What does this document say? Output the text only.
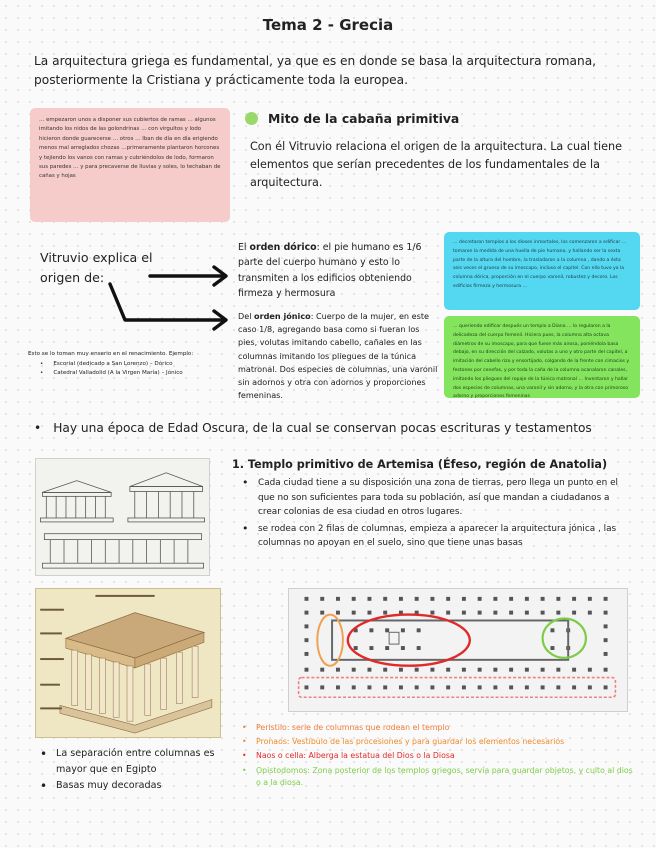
Tema 2 - Grecia

La arquitectura griega es fundamental, ya que es en donde se basa la arquitectura romana, posteriormente la Cristiana y prácticamente toda la europea.

… empezaron unos a disponer sus cubiertos de ramas … algunos imitando los nidos de las golondrinas … con virgultos y lodo hicieron donde guarecerse … otros … Iban de día en día erigiendo menos mal arreglados chozas …primeramente plantaron horcones y tejiendo los vanos con ramas y cubriéndolos de lodo, formaron sus paredes … y para precaverse de lluvias y soles, lo techaban de cañas y hojas
Mito de la cabaña primitiva

Con él Vitruvio relaciona el origen de la arquitectura. La cual tiene elementos que serían precedentes de los fundamentales de la arquitectura.

Vitruvio explica el origen de:

El orden dórico: el pie humano es 1/6 parte del cuerpo humano y esto lo transmiten a los edificios obteniendo firmeza y hermosura

Del orden jónico: Cuerpo de la mujer, en este caso 1/8, agregando basa como si fueran los pies, volutas imitando cabello, cañales en las columnas imitando los pliegues de la túnica matronal. Dos especies de columnas, una varonil sin adornos y otra con adornos y proporciones femeninas.

… decretaron templos a los dioses inmortales, los comenzaron a edificar … tomaron la medida de una huella de pie humano, y hallando ser la sexta parte de la altura del hombre, la trasladaron a la columna , dando a ésta seis veces el grueso de su imoscapo, incluso el capitel. Con ello tuvo ya la columna dórica, proporción en el cuerpo varonil, robustez y decoro. Los edificios firmeza y hermosura …
… queriendo edificar después un templo a Diana … lo regularon a la delicadeza del cuerpo femenil. Hiciera pues, la columna alta octava diámetros de su imoscapo, para que fuese más airosa, poniéndola basa debajo, en su dirección del calzado, volutas a uno y otro parte del capitel, a imitación del cabello rizo y ensortijado, colgando de la frente con cimacios y festones por cenefas, y por toda la caña de la columna acanalaron canales, imitando los pliegues del ropaje de la túnica matronal … Inventaron y hallar dos especies de columnas, una varonil y sin adorno, y la otra con primoroso adorno y proporciones femeninas
Esto se lo toman muy enserio en el renacimiento. Ejemplo:
• Escorial (dedicado a San Lorenzo) – Dórico
• Catedral Valladolid (A la Virgen María) – Jónico
• Hay una época de Edad Oscura, de la cual se conservan pocas escrituras y testamentos
1. Templo primitivo de Artemisa (Éfeso, región de Anatolia)
• Cada ciudad tiene a su disposición una zona de tierras, pero llega un punto en el que no son suficientes para toda su población, así que mandan a ciudadanos a crear colonias de esa ciudad en otros lugares.
• se rodea con 2 filas de columnas, empieza a aparecer la arquitectura jónica , las columnas no apoyan en el suelo, sino que tiene unas basas
• La separación entre columnas es mayor que en Egipto
• Basas muy decoradas
• Peristilo: serie de columnas que rodean el templo
• Pronaos: Vestíbulo de las procesiones y para guardar los elementos necesarios
• Naos o cella: Alberga la estatua del Dios o la Diosa
• Opistodomos: Zona posterior de los templos griegos, servía para guardar objetos, y culto al dios o a la diosa.
